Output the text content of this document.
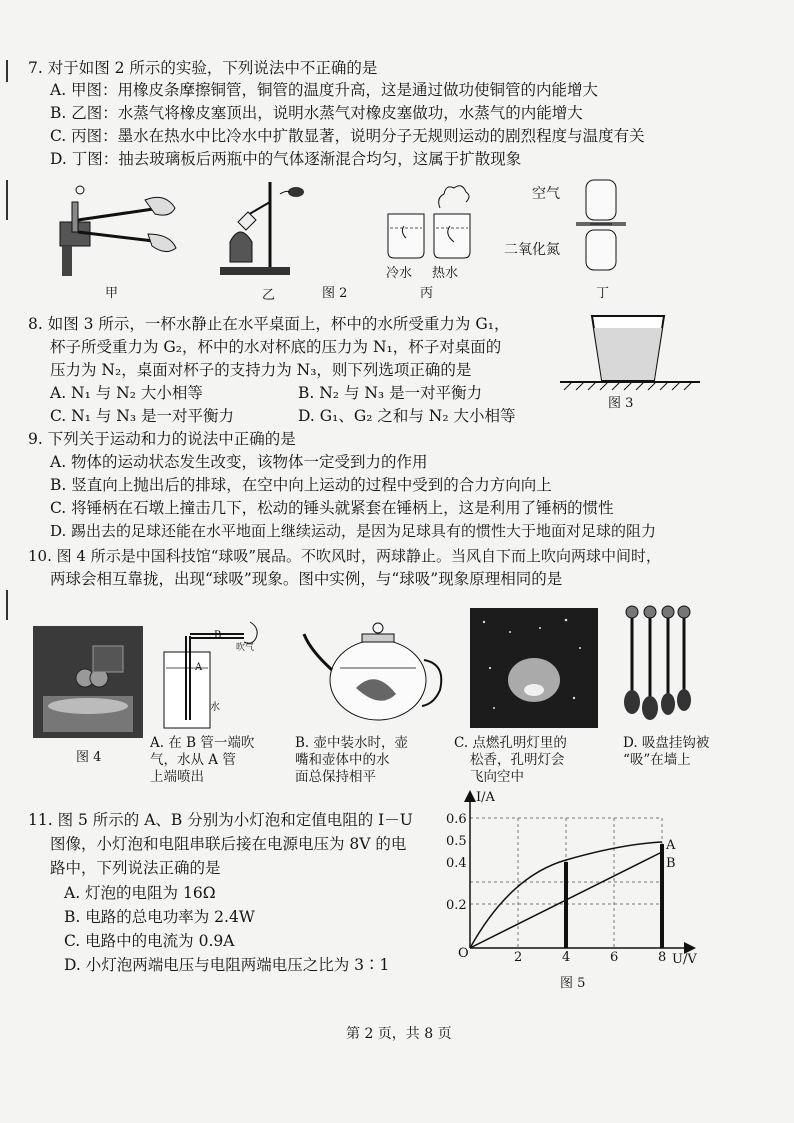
7. 对于如图 2 所示的实验，下列说法中不正确的是
A. 甲图：用橡皮条摩擦铜管，铜管的温度升高，这是通过做功使铜管的内能增大
B. 乙图：水蒸气将橡皮塞顶出，说明水蒸气对橡皮塞做功，水蒸气的内能增大
C. 丙图：墨水在热水中比冷水中扩散显著，说明分子无规则运动的剧烈程度与温度有关
D. 丁图：抽去玻璃板后两瓶中的气体逐渐混合均匀，这属于扩散现象
甲	乙	图 2
冷水 热水
丙
空气
二氧化氮
丁
8. 如图 3 所示，一杯水静止在水平桌面上，杯中的水所受重力为 G₁，
杯子所受重力为 G₂，杯中的水对杯底的压力为 N₁，杯子对桌面的
压力为 N₂，桌面对杯子的支持力为 N₃，则下列选项正确的是
A. N₁ 与 N₂ 大小相等	B. N₂ 与 N₃ 是一对平衡力
C. N₁ 与 N₃ 是一对平衡力	D. G₁、G₂ 之和与 N₂ 大小相等
图 3
9. 下列关于运动和力的说法中正确的是
A. 物体的运动状态发生改变，该物体一定受到力的作用
B. 竖直向上抛出后的排球，在空中向上运动的过程中受到的合力方向向上
C. 将锤柄在石墩上撞击几下，松动的锤头就紧套在锤柄上，这是利用了锤柄的惯性
D. 踢出去的足球还能在水平地面上继续运动，是因为足球具有的惯性大于地面对足球的阻力
10. 图 4 所示是中国科技馆“球吸”展品。不吹风时，两球静止。当风自下而上吹向两球中间时，
两球会相互靠拢，出现“球吸”现象。图中实例，与“球吸”现象原理相同的是
图 4
A
B
吹气
水
A. 在 B 管一端吹
气，水从 A 管
上端喷出
B. 壶中装水时，壶
嘴和壶体中的水
面总保持相平
C. 点燃孔明灯里的
松香，孔明灯会
飞向空中
D. 吸盘挂钩被
“吸”在墙上
11. 图 5 所示的 A、B 分别为小灯泡和定值电阻的 I－U
图像，小灯泡和电阻串联后接在电源电压为 8V 的电
路中，下列说法正确的是
A. 灯泡的电阻为 16Ω
B. 电路的总电功率为 2.4W
C. 电路中的电流为 0.9A
D. 小灯泡两端电压与电阻两端电压之比为 3∶1
I/A
U/V
O
0.6
0.5
0.4
0.2
2	4	6	8
A
B
图 5
第 2 页，共 8 页
